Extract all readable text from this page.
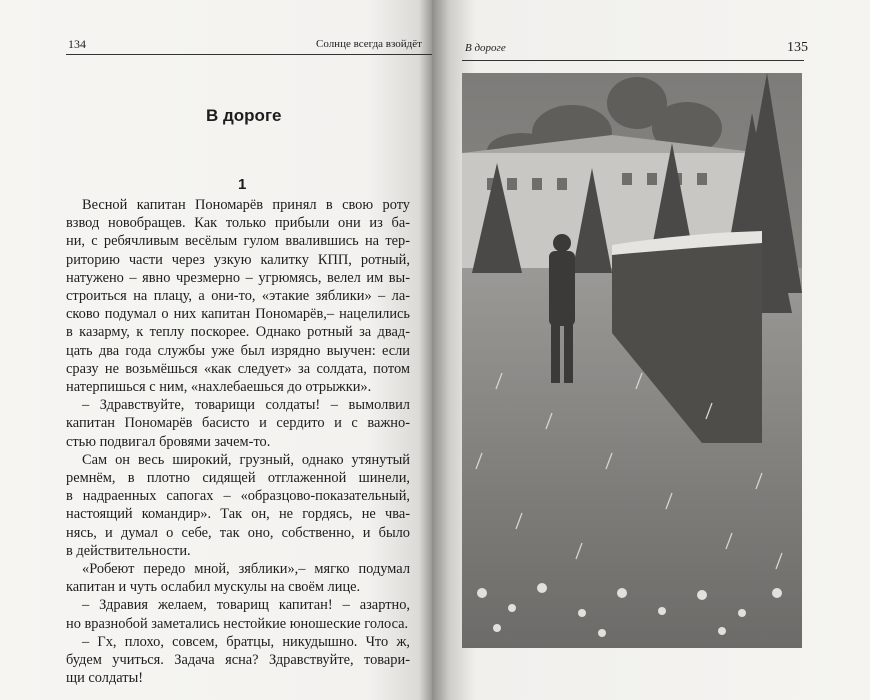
134	Солнце всегда взойдёт
В дороге
1
Весной капитан Пономарёв принял в свою роту
взвод новобращев. Как только прибыли они из ба-
ни, с ребячливым весёлым гулом ввалившись на тер-
риторию части через узкую калитку КПП, ротный,
натужено – явно чрезмерно – угрюмясь, велел им вы-
строиться на плацу, а они-то, «этакие зяблики» – ла-
сково подумал о них капитан Пономарёв,– нацелились
в казарму, к теплу поскорее. Однако ротный за двад-
цать два года службы уже был изрядно выучен: если
сразу не возьмёшься «как следует» за солдата, потом
натерпишься с ним, «нахлебаешься до отрыжки».
– Здравствуйте, товарищи солдаты! – вымолвил
капитан Пономарёв басисто и сердито и с важно-
стью подвигал бровями зачем-то.
Сам он весь широкий, грузный, однако утянутый
ремнём, в плотно сидящей отглаженной шинели,
в надраенных сапогах – «образцово-показательный,
настоящий командир». Так он, не гордясь, не чва-
нясь, и думал о себе, так оно, собственно, и было
в действительности.
«Робеют передо мной, зяблики»,– мягко подумал
капитан и чуть ослабил мускулы на своём лице.
– Здравия желаем, товарищ капитан! – азартно,
но вразнобой заметались нестойкие юношеские голоса.
– Гх, плохо, совсем, братцы, никудышно. Что ж,
будем учиться. Задача ясна? Здравствуйте, товари-
щи солдаты!
В дороге	135
